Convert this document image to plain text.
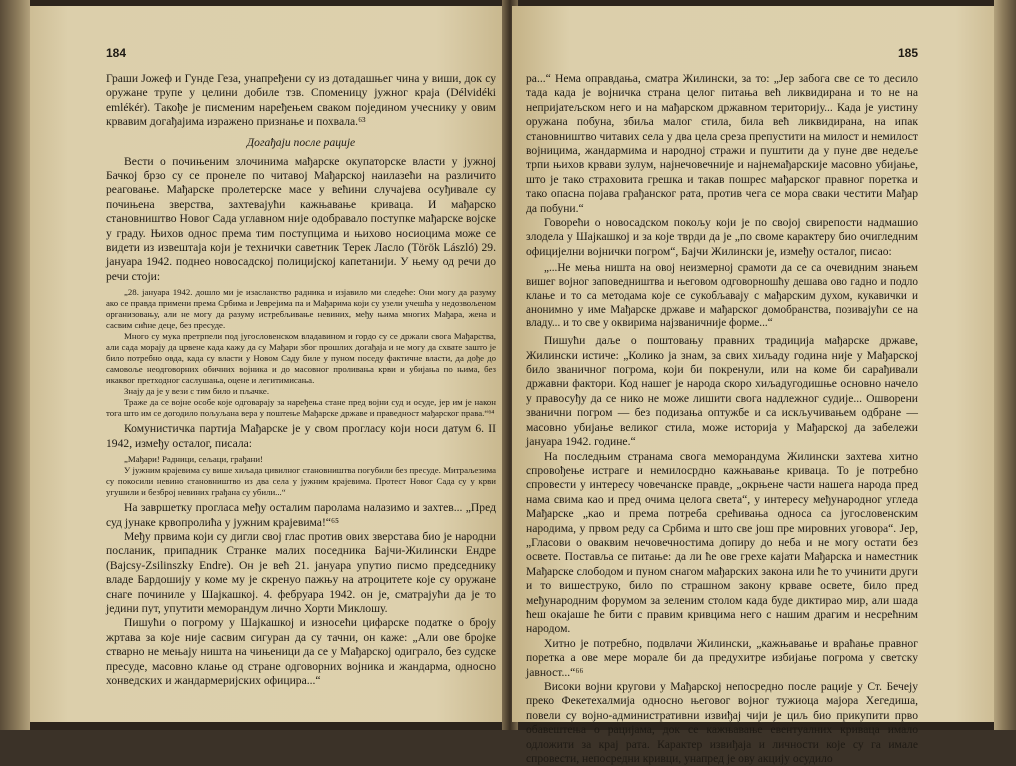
184

Граши Јожеф и Гунде Геза, унапређени су из дотадашњег чина у виши, док су оружане трупе у целини добиле тзв. Споменицу јужног краја (Délvidéki emlékér). Такође је писменим наређењем сваком поједином учеснику у овим крвавим догађајима изражено признање и похвала.⁶³

Догађаји после рације

Вести о почињеним злочинима мађарске окупаторске власти у јужној Бачкој брзо су се пронеле по читавој Мађарској наилазећи на различито реаговање. Мађарске пролетерске масе у већини случајева осуђивале су почињена зверства, захтевајући кажњавање кривaца. И мађарско становништво Новог Сада углавном није одобравало поступке мађарске војске у граду. Њихов однос према тим поступцима и њихово носиоцима може се видети из извештаја који је технички саветник Терек Ласло (Török László) 29. јануара 1942. поднео новосадској полицијској капетанији. У њему од речи до речи стоји:

„28. јануара 1942. дошло ми је изасланство радника и изјавило ми следеће: Они могу да разуму ако се правда примени према Србима и Јеврејима па и Мађарима који су узели учешћа у недозвољеном организовању, али не могу да разуму истребљивање невиних, међу њима многих Мађара, жена и сасвим сићне деце, без пресуде.

Много су мука претрпели под југословенском владавином и гордо су се држали свога Мађарства, али сада морају да црвене када кажу да су Мађари због прошлих догађаја и не могу да схвате зашто је било потребно овда, када су власти у Новом Саду биле у пуном поседу фактичне власти, да дође до самовоље неодговорних обичних војника и до масовног проливања крви и убијања по њима, без икаквог претходног саслушања, оцене и легитимисања.

Знају да је у вези с тим било и пљачке.

Траже да се војне особе које одговарају за наређења стане пред војни суд и осуде, јер им је након тога што им се догодило пољуљана вера у поштење Мађарске државе и праведност мађарског права.“⁶⁴

Комунистичка партија Мађарске је у свом прогласу који носи датум 6. II 1942, између осталог, писала:

„Мађари! Радници, сељаци, грађани!

У јужним крајевима су више хиљада цивилног становништва погубили без пресуде. Митраљезима су покосили невино становништво из два села у јужним крајевима. Протест Новог Сада су у крви угушили и безброј невиних грађана су убили...“

На завршетку прогласа међу осталим паролама налазимо и захтев... „Пред суд јунаке крвопролића у јужним крајевима!“⁶⁵

Међу првима који су дигли свој глас против ових зверстава био је народни посланик, припадник Странке малих поседника Бајчи-Жилински Ендре (Bajcsy-Zsilinszky Endre). Он је већ 21. јануара упутио писмо председнику владе Бардошију у коме му је скренуо пажњу на атроцитете које су оружане снаге починиле у Шајкашкој. 4. фебруара 1942. он је, сматрајући да је то једини пут, упутити меморандум лично Хорти Миклошу.

Пишући о погрому у Шајкашкој и износећи цифарске податке о броју жртава за које није сасвим сигуран да су тачни, он каже: „Али ове бројке стварно не мењају ништа на чињеници да се у Мађарској одиграло, без судске пресуде, масовно клање од стране одговорних војника и жандарма, односно хонведских и жандармеријских официра...“

185

ра...“ Нема оправдања, сматра Жилински, за то: „Јер забога све се то десило тада када је војничка страна целог питања већ ликвидирана и то не на непријатељском него и на мађарском државном територију... Када је уистину оружана побуна, збиља малог стила, била већ ликвидирана, на ипак становништво читавих села у два цела среза препустити на милост и немилост војницима, жандармима и народној стражи и пуштити да у пуне две недеље трпи њихов крвави зулум, најнечовечније и најнемађарскије масовно убијање, што је тако страховита грешка и такав пошрес мађарског правног поретка и тако опасна појава грађанског рата, против чега се мора сваки честити Мађар да побуни.“

Говорећи о новосадском покољу који је по својој свирепости надмашио злодела у Шајкашкој и за које тврди да је „по своме карактеру био очигледним официјелни војнички погром“, Бајчи Жилински је, између осталог, писао:

„...Не мења ништа на овој неизмерној срамоти да се са очевидним знањем вишег војног заповедништва и његовом одговорношћу дешава ово гадно и подло клање и то са методама које се сукобљавају с мађарским духом, кукавички и анонимно у име Мађарске државе и мађарског домобранства, позивајући се на владу... и то све у оквирима најзваничније форме...“

Пишући даље о поштовању правних традиција мађарске државе, Жилински истиче: „Колико ја знам, за свих хиљаду година није у Мађарској било званичног погрома, који би покренули, или на коме би сарађивали државни фактори. Код нашег је народа скоро хиљадугодишње основно начело у правосуђу да се нико не може лишити свога надлежног судије... Ошворени званични погром — без подизања оптужбе и са искључивањем одбране — масовно убијање великог стила, може историја у Мађарској да забележи јануара 1942. године.“

На последњим странама свога меморандума Жилински захтева хитно спровођење истраге и немилосрдно кажњавање кривaца. То је потребно спровести у интересу човечанске правде, „окрњене части нашега народа пред нама свима као и пред очима целога света“, у интересу међународног угледа Мађарске „као и према потреба срећивања односа са југословенским народима, у првом реду са Србима и што све још пре мировних уговора“. Јер, „Гласови о оваквим нечовечностима допиру до неба и не могу остати без освете. Поставља се питање: да ли ће ове грехе кајати Мађарска и наместник Мађарске слободом и пуном снагом мађарских закона или ће то учинити други и то вишеструко, било по страшном закону крваве освете, било пред међународним форумом за зеленим столом када буде диктирао мир, али шада ћеш окајаше ће бити с правим кривцима него с нашим драгим и несрећним народом.

Хитно је потребно, подвлачи Жилински, „кажњавање и враћање правног поретка а ове мере морале би да предухитре избијање погрома у светску јавност...“⁶⁶

Високи војни кругови у Мађарској непосредно после рације у Ст. Бечеју преко Фекетехалмија односно његовог војног тужиоца мајора Хегедиша, повели су војно-административни извиђај чији је циљ био прикупити прво обавештења о рацијама, док се кажњавање евентуалних кривaца имало одложити за крај рата. Карактер извиђаја и личности које су га имале спровести, непосредни кривци, унапред је ову акцију осудило
